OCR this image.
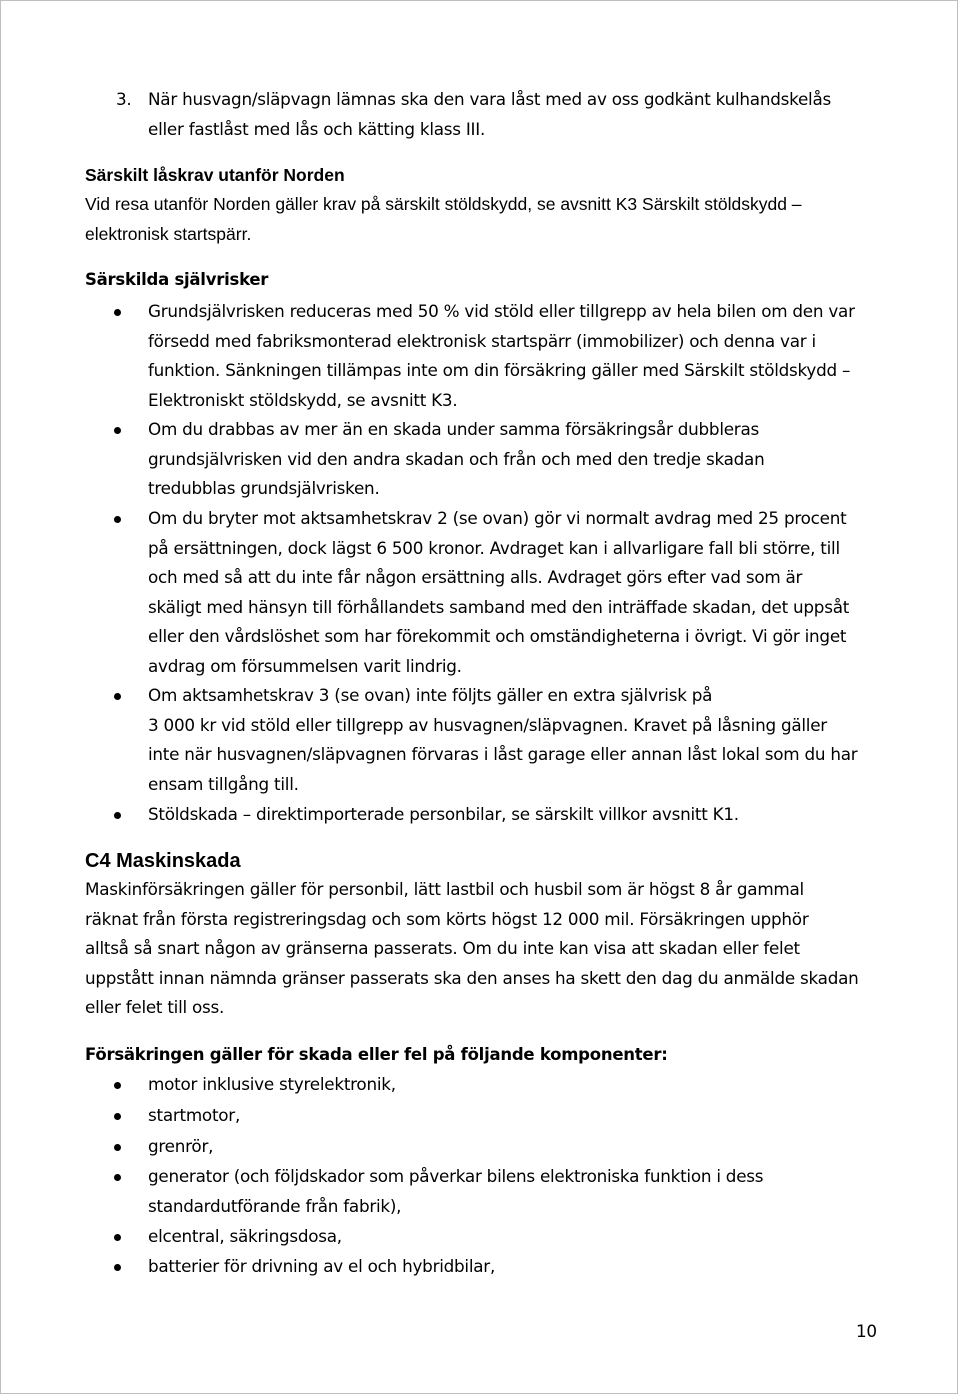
3. När husvagn/släpvagn lämnas ska den vara låst med av oss godkänt kulhandskelås
eller fastlåst med lås och kätting klass III.
Särskilt låskrav utanför Norden
Vid resa utanför Norden gäller krav på särskilt stöldskydd, se avsnitt K3 Särskilt stöldskydd –
elektronisk startspärr.
Särskilda självrisker
Grundsjälvrisken reduceras med 50 % vid stöld eller tillgrepp av hela bilen om den var
försedd med fabriksmonterad elektronisk startspärr (immobilizer) och denna var i
funktion. Sänkningen tillämpas inte om din försäkring gäller med Särskilt stöldskydd –
Elektroniskt stöldskydd, se avsnitt K3.
Om du drabbas av mer än en skada under samma försäkringsår dubbleras
grundsjälvrisken vid den andra skadan och från och med den tredje skadan
tredubblas grundsjälvrisken.
Om du bryter mot aktsamhetskrav 2 (se ovan) gör vi normalt avdrag med 25 procent
på ersättningen, dock lägst 6 500 kronor. Avdraget kan i allvarligare fall bli större, till
och med så att du inte får någon ersättning alls. Avdraget görs efter vad som är
skäligt med hänsyn till förhållandets samband med den inträffade skadan, det uppsåt
eller den vårdslöshet som har förekommit och omständigheterna i övrigt. Vi gör inget
avdrag om försummelsen varit lindrig.
Om aktsamhetskrav 3 (se ovan) inte följts gäller en extra självrisk på
3 000 kr vid stöld eller tillgrepp av husvagnen/släpvagnen. Kravet på låsning gäller
inte när husvagnen/släpvagnen förvaras i låst garage eller annan låst lokal som du har
ensam tillgång till.
Stöldskada – direktimporterade personbilar, se särskilt villkor avsnitt K1.
C4 Maskinskada
Maskinförsäkringen gäller för personbil, lätt lastbil och husbil som är högst 8 år gammal
räknat från första registreringsdag och som körts högst 12 000 mil. Försäkringen upphör
alltså så snart någon av gränserna passerats. Om du inte kan visa att skadan eller felet
uppstått innan nämnda gränser passerats ska den anses ha skett den dag du anmälde skadan
eller felet till oss.
Försäkringen gäller för skada eller fel på följande komponenter:
motor inklusive styrelektronik,
startmotor,
grenrör,
generator (och följdskador som påverkar bilens elektroniska funktion i dess
standardutförande från fabrik),
elcentral, säkringsdosa,
batterier för drivning av el och hybridbilar,
10
